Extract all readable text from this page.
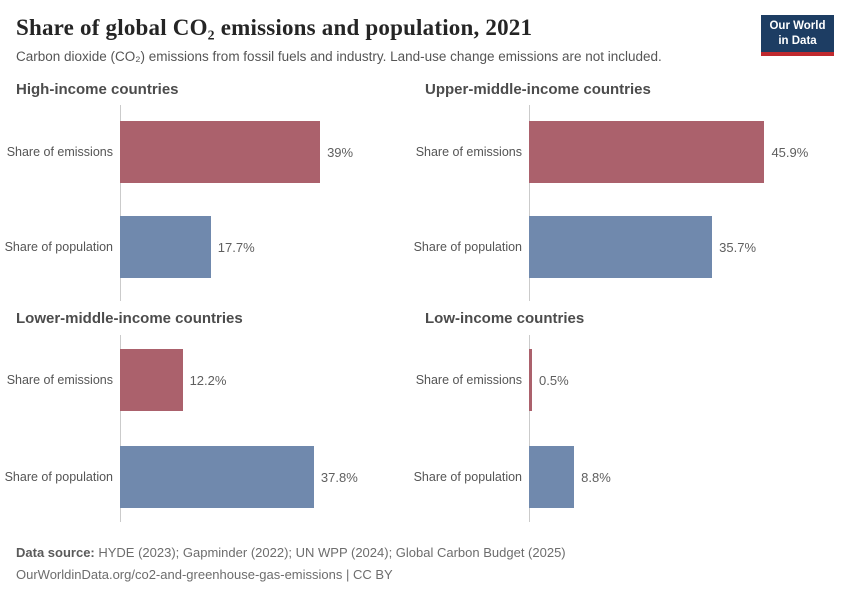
Share of global CO₂ emissions and population, 2021	Our World
in Data
Carbon dioxide (CO₂) emissions from fossil fuels and industry. Land-use change emissions are not included.
High-income countries
Share of emissions	39%
Share of population	17.7%
Upper-middle-income countries
Share of emissions	45.9%
Share of population	35.7%
Lower-middle-income countries
Share of emissions	12.2%
Share of population	37.8%
Low-income countries
Share of emissions 0.5%
Share of population	8.8%
Data source: HYDE (2023); Gapminder (2022); UN WPP (2024); Global Carbon Budget (2025)
OurWorldinData.org/co2-and-greenhouse-gas-emissions | CC BY
